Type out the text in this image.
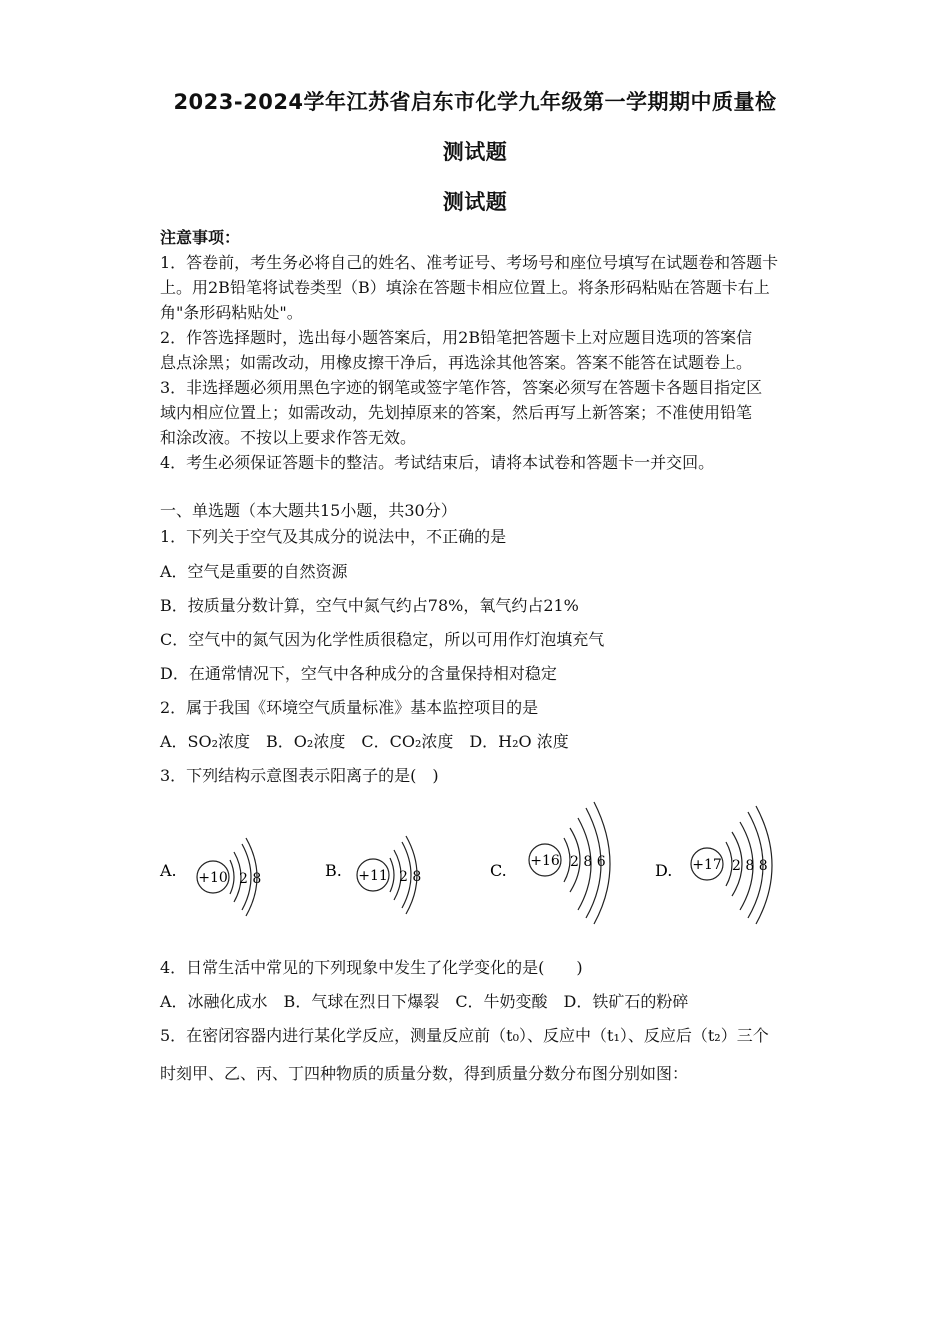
2023-2024学年江苏省启东市化学九年级第一学期期中质量检
测试题
测试题
注意事项：
1．答卷前，考生务必将自己的姓名、准考证号、考场号和座位号填写在试题卷和答题卡
上。用2B铅笔将试卷类型（B）填涂在答题卡相应位置上。将条形码粘贴在答题卡右上
角"条形码粘贴处"。
2．作答选择题时，选出每小题答案后，用2B铅笔把答题卡上对应题目选项的答案信
息点涂黑；如需改动，用橡皮擦干净后，再选涂其他答案。答案不能答在试题卷上。
3．非选择题必须用黑色字迹的钢笔或签字笔作答，答案必须写在答题卡各题目指定区
域内相应位置上；如需改动，先划掉原来的答案，然后再写上新答案；不准使用铅笔
和涂改液。不按以上要求作答无效。
4．考生必须保证答题卡的整洁。考试结束后，请将本试卷和答题卡一并交回。
一、单选题（本大题共15小题，共30分）
1．下列关于空气及其成分的说法中，不正确的是
A．空气是重要的自然资源
B．按质量分数计算，空气中氮气约占78%，氧气约占21%
C．空气中的氮气因为化学性质很稳定，所以可用作灯泡填充气
D．在通常情况下，空气中各种成分的含量保持相对稳定
2．属于我国《环境空气质量标准》基本监控项目的是
A．SO₂浓度　B．O₂浓度　C．CO₂浓度　D．H₂O 浓度
3．下列结构示意图表示阳离子的是(　)
A. +10 2 8	B. +11 2 8	C. +16 2 8 6	D. +17 2 8 8
4．日常生活中常见的下列现象中发生了化学变化的是(　　)
A．冰融化成水　B．气球在烈日下爆裂　C．牛奶变酸　D．铁矿石的粉碎
5．在密闭容器内进行某化学反应，测量反应前（t₀）、反应中（t₁）、反应后（t₂）三个
时刻甲、乙、丙、丁四种物质的质量分数，得到质量分数分布图分别如图：
